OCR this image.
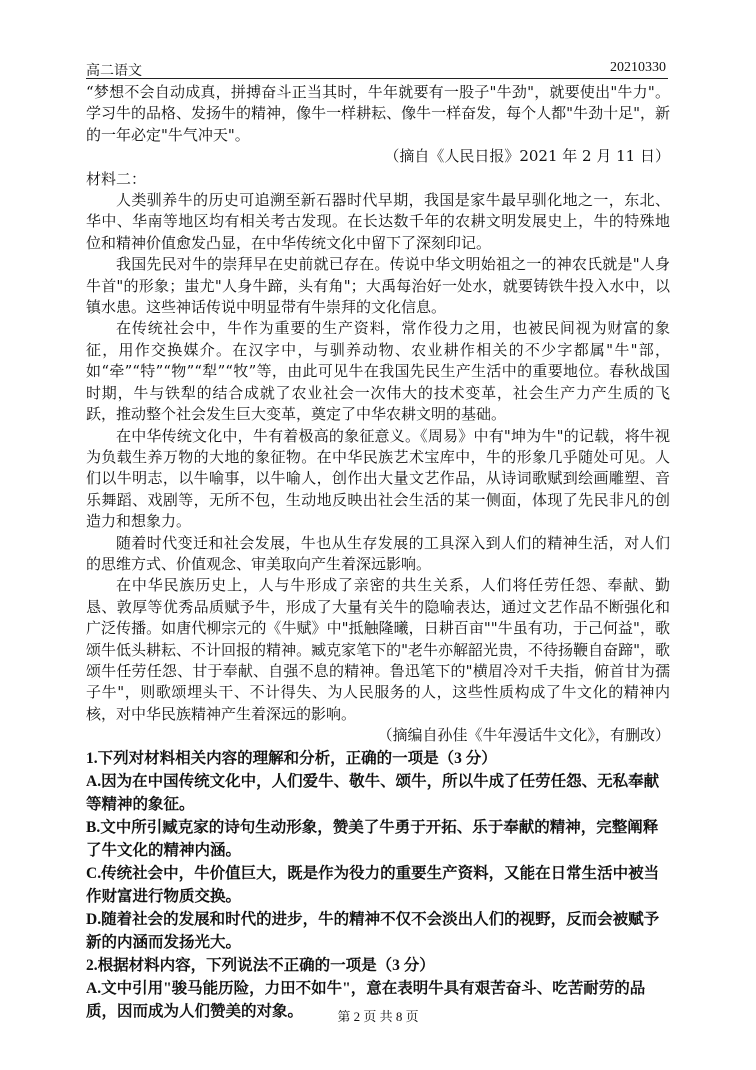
高二语文	20210330

“梦想不会自动成真，拼搏奋斗正当其时，牛年就要有一股子"牛劲"，就要使出"牛力"。学习牛的品格、发扬牛的精神，像牛一样耕耘、像牛一样奋发，每个人都"牛劲十足"，新的一年必定"牛气冲天"。

（摘自《人民日报》2021 年 2 月 11 日）

材料二：

人类驯养牛的历史可追溯至新石器时代早期，我国是家牛最早驯化地之一，东北、华中、华南等地区均有相关考古发现。在长达数千年的农耕文明发展史上，牛的特殊地位和精神价值愈发凸显，在中华传统文化中留下了深刻印记。

我国先民对牛的崇拜早在史前就已存在。传说中华文明始祖之一的神农氏就是"人身牛首"的形象；蚩尤"人身牛蹄，头有角"；大禹每治好一处水，就要铸铁牛投入水中，以镇水患。这些神话传说中明显带有牛崇拜的文化信息。

在传统社会中，牛作为重要的生产资料，常作役力之用，也被民间视为财富的象征，用作交换媒介。在汉字中，与驯养动物、农业耕作相关的不少字都属"牛"部，如“牵”“特”“物”“犁”“牧”等，由此可见牛在我国先民生产生活中的重要地位。春秋战国时期，牛与铁犁的结合成就了农业社会一次伟大的技术变革，社会生产力产生质的飞跃，推动整个社会发生巨大变革，奠定了中华农耕文明的基础。

在中华传统文化中，牛有着极高的象征意义。《周易》中有"坤为牛"的记载，将牛视为负载生养万物的大地的象征物。在中华民族艺术宝库中，牛的形象几乎随处可见。人们以牛明志，以牛喻事，以牛喻人，创作出大量文艺作品，从诗词歌赋到绘画雕塑、音乐舞蹈、戏剧等，无所不包，生动地反映出社会生活的某一侧面，体现了先民非凡的创造力和想象力。

随着时代变迁和社会发展，牛也从生存发展的工具深入到人们的精神生活，对人们的思维方式、价值观念、审美取向产生着深远影响。

在中华民族历史上，人与牛形成了亲密的共生关系，人们将任劳任怨、奉献、勤恳、敦厚等优秀品质赋予牛，形成了大量有关牛的隐喻表达，通过文艺作品不断强化和广泛传播。如唐代柳宗元的《牛赋》中"抵触隆曦，日耕百亩""牛虽有功，于己何益"，歌颂牛低头耕耘、不计回报的精神。臧克家笔下的"老牛亦解韶光贵，不待扬鞭自奋蹄"，歌颂牛任劳任怨、甘于奉献、自强不息的精神。鲁迅笔下的"横眉冷对千夫指，俯首甘为孺子牛"，则歌颂埋头干、不计得失、为人民服务的人，这些性质构成了牛文化的精神内核，对中华民族精神产生着深远的影响。

（摘编自孙佳《牛年漫话牛文化》，有删改）

1.下列对材料相关内容的理解和分析，正确的一项是（3 分）

A.因为在中国传统文化中，人们爱牛、敬牛、颂牛，所以牛成了任劳任怨、无私奉献等精神的象征。

B.文中所引臧克家的诗句生动形象，赞美了牛勇于开拓、乐于奉献的精神，完整阐释了牛文化的精神内涵。

C.传统社会中，牛价值巨大，既是作为役力的重要生产资料，又能在日常生活中被当作财富进行物质交换。

D.随着社会的发展和时代的进步，牛的精神不仅不会淡出人们的视野，反而会被赋予新的内涵而发扬光大。

2.根据材料内容，下列说法不正确的一项是（3 分）

A.文中引用"骏马能历险，力田不如牛"，意在表明牛具有艰苦奋斗、吃苦耐劳的品质，因而成为人们赞美的对象。	第 2 页 共 8 页
